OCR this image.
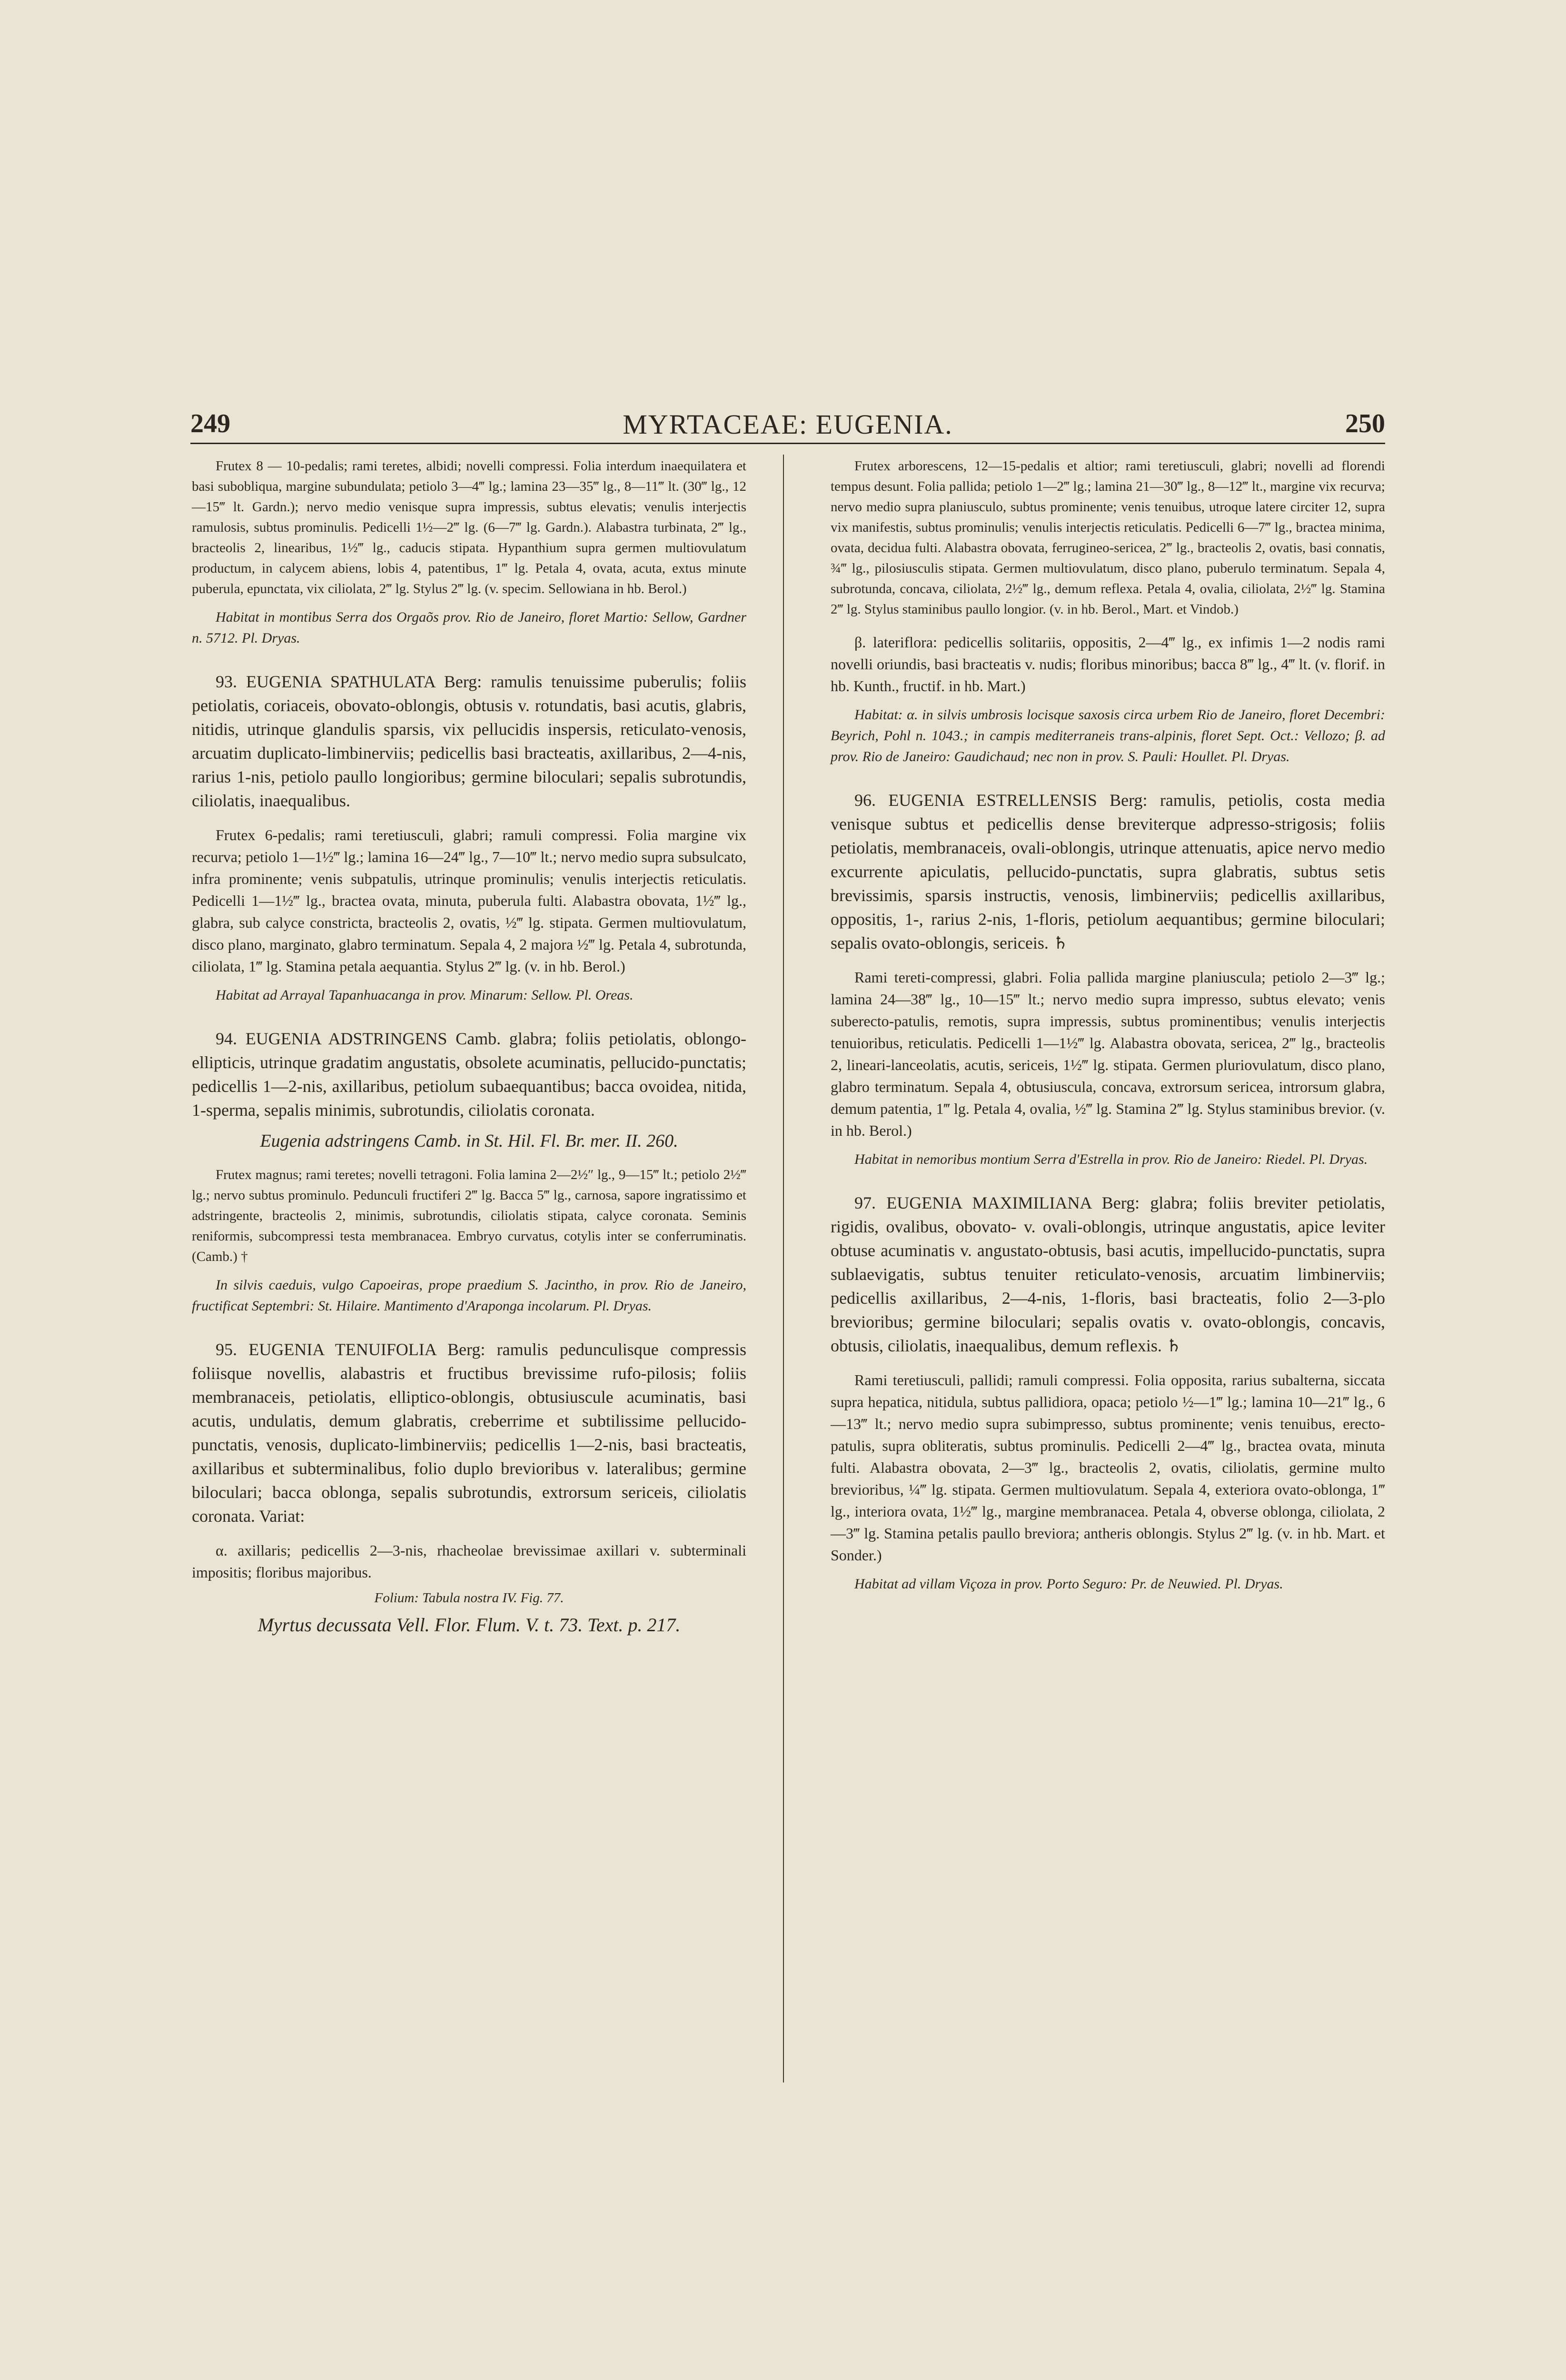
249	MYRTACEAE: EUGENIA.	250

Frutex 8 — 10-pedalis; rami teretes, albidi; novelli compressi. Folia interdum inaequilatera et basi subobliqua, margine subundulata; petiolo 3—4‴ lg.; lamina 23—35‴ lg., 8—11‴ lt. (30‴ lg., 12—15‴ lt. Gardn.); nervo medio venisque supra impressis, subtus elevatis; venulis interjectis ramulosis, subtus prominulis. Pedicelli 1½—2‴ lg. (6—7‴ lg. Gardn.). Alabastra turbinata, 2‴ lg., bracteolis 2, linearibus, 1½‴ lg., caducis stipata. Hypanthium supra germen multiovulatum productum, in calycem abiens, lobis 4, patentibus, 1‴ lg. Petala 4, ovata, acuta, extus minute puberula, epunctata, vix ciliolata, 2‴ lg. Stylus 2‴ lg. (v. specim. Sellowiana in hb. Berol.)

Habitat in montibus Serra dos Orgaõs prov. Rio de Janeiro, floret Martio: Sellow, Gardner n. 5712. Pl. Dryas.

93. EUGENIA SPATHULATA Berg: ramulis tenuissime puberulis; foliis petiolatis, coriaceis, obovato-oblongis, obtusis v. rotundatis, basi acutis, glabris, nitidis, utrinque glandulis sparsis, vix pellucidis inspersis, reticulato-venosis, arcuatim duplicato-limbinerviis; pedicellis basi bracteatis, axillaribus, 2—4-nis, rarius 1-nis, petiolo paullo longioribus; germine biloculari; sepalis subrotundis, ciliolatis, inaequalibus.

Frutex 6-pedalis; rami teretiusculi, glabri; ramuli compressi. Folia margine vix recurva; petiolo 1—1½‴ lg.; lamina 16—24‴ lg., 7—10‴ lt.; nervo medio supra subsulcato, infra prominente; venis subpatulis, utrinque prominulis; venulis interjectis reticulatis. Pedicelli 1—1½‴ lg., bractea ovata, minuta, puberula fulti. Alabastra obovata, 1½‴ lg., glabra, sub calyce constricta, bracteolis 2, ovatis, ½‴ lg. stipata. Germen multiovulatum, disco plano, marginato, glabro terminatum. Sepala 4, 2 majora ½‴ lg. Petala 4, subrotunda, ciliolata, 1‴ lg. Stamina petala aequantia. Stylus 2‴ lg. (v. in hb. Berol.)

Habitat ad Arrayal Tapanhuacanga in prov. Minarum: Sellow. Pl. Oreas.

94. EUGENIA ADSTRINGENS Camb. glabra; foliis petiolatis, oblongo-ellipticis, utrinque gradatim angustatis, obsolete acuminatis, pellucido-punctatis; pedicellis 1—2-nis, axillaribus, petiolum subaequantibus; bacca ovoidea, nitida, 1-sperma, sepalis minimis, subrotundis, ciliolatis coronata.

Eugenia adstringens Camb. in St. Hil. Fl. Br. mer. II. 260.

Frutex magnus; rami teretes; novelli tetragoni. Folia lamina 2—2½″ lg., 9—15‴ lt.; petiolo 2½‴ lg.; nervo subtus prominulo. Pedunculi fructiferi 2‴ lg. Bacca 5‴ lg., carnosa, sapore ingratissimo et adstringente, bracteolis 2, minimis, subrotundis, ciliolatis stipata, calyce coronata. Seminis reniformis, subcompressi testa membranacea. Embryo curvatus, cotylis inter se conferruminatis. (Camb.) †

In silvis caeduis, vulgo Capoeiras, prope praedium S. Jacintho, in prov. Rio de Janeiro, fructificat Septembri: St. Hilaire. Mantimento d'Araponga incolarum. Pl. Dryas.

95. EUGENIA TENUIFOLIA Berg: ramulis pedunculisque compressis foliisque novellis, alabastris et fructibus brevissime rufo-pilosis; foliis membranaceis, petiolatis, elliptico-oblongis, obtusiuscule acuminatis, basi acutis, undulatis, demum glabratis, creberrime et subtilissime pellucido-punctatis, venosis, duplicato-limbinerviis; pedicellis 1—2-nis, basi bracteatis, axillaribus et subterminalibus, folio duplo brevioribus v. lateralibus; germine biloculari; bacca oblonga, sepalis subrotundis, extrorsum sericeis, ciliolatis coronata. Variat:

α. axillaris; pedicellis 2—3-nis, rhacheolae brevissimae axillari v. subterminali impositis; floribus majoribus.

Folium: Tabula nostra IV. Fig. 77.

Myrtus decussata Vell. Flor. Flum. V. t. 73. Text. p. 217.

Frutex arborescens, 12—15-pedalis et altior; rami teretiusculi, glabri; novelli ad florendi tempus desunt. Folia pallida; petiolo 1—2‴ lg.; lamina 21—30‴ lg., 8—12‴ lt., margine vix recurva; nervo medio supra planiusculo, subtus prominente; venis tenuibus, utroque latere circiter 12, supra vix manifestis, subtus prominulis; venulis interjectis reticulatis. Pedicelli 6—7‴ lg., bractea minima, ovata, decidua fulti. Alabastra obovata, ferrugineo-sericea, 2‴ lg., bracteolis 2, ovatis, basi connatis, ¾‴ lg., pilosiusculis stipata. Germen multiovulatum, disco plano, puberulo terminatum. Sepala 4, subrotunda, concava, ciliolata, 2½‴ lg., demum reflexa. Petala 4, ovalia, ciliolata, 2½‴ lg. Stamina 2‴ lg. Stylus staminibus paullo longior. (v. in hb. Berol., Mart. et Vindob.)

β. lateriflora: pedicellis solitariis, oppositis, 2—4‴ lg., ex infimis 1—2 nodis rami novelli oriundis, basi bracteatis v. nudis; floribus minoribus; bacca 8‴ lg., 4‴ lt. (v. florif. in hb. Kunth., fructif. in hb. Mart.)

Habitat: α. in silvis umbrosis locisque saxosis circa urbem Rio de Janeiro, floret Decembri: Beyrich, Pohl n. 1043.; in campis mediterraneis trans-alpinis, floret Sept. Oct.: Vellozo; β. ad prov. Rio de Janeiro: Gaudichaud; nec non in prov. S. Pauli: Houllet. Pl. Dryas.

96. EUGENIA ESTRELLENSIS Berg: ramulis, petiolis, costa media venisque subtus et pedicellis dense breviterque adpresso-strigosis; foliis petiolatis, membranaceis, ovali-oblongis, utrinque attenuatis, apice nervo medio excurrente apiculatis, pellucido-punctatis, supra glabratis, subtus setis brevissimis, sparsis instructis, venosis, limbinerviis; pedicellis axillaribus, oppositis, 1-, rarius 2-nis, 1-floris, petiolum aequantibus; germine biloculari; sepalis ovato-oblongis, sericeis. ♄

Rami tereti-compressi, glabri. Folia pallida margine planiuscula; petiolo 2—3‴ lg.; lamina 24—38‴ lg., 10—15‴ lt.; nervo medio supra impresso, subtus elevato; venis suberecto-patulis, remotis, supra impressis, subtus prominentibus; venulis interjectis tenuioribus, reticulatis. Pedicelli 1—1½‴ lg. Alabastra obovata, sericea, 2‴ lg., bracteolis 2, lineari-lanceolatis, acutis, sericeis, 1½‴ lg. stipata. Germen pluriovulatum, disco plano, glabro terminatum. Sepala 4, obtusiuscula, concava, extrorsum sericea, introrsum glabra, demum patentia, 1‴ lg. Petala 4, ovalia, ½‴ lg. Stamina 2‴ lg. Stylus staminibus brevior. (v. in hb. Berol.)

Habitat in nemoribus montium Serra d'Estrella in prov. Rio de Janeiro: Riedel. Pl. Dryas.

97. EUGENIA MAXIMILIANA Berg: glabra; foliis breviter petiolatis, rigidis, ovalibus, obovato- v. ovali-oblongis, utrinque angustatis, apice leviter obtuse acuminatis v. angustato-obtusis, basi acutis, impellucido-punctatis, supra sublaevigatis, subtus tenuiter reticulato-venosis, arcuatim limbinerviis; pedicellis axillaribus, 2—4-nis, 1-floris, basi bracteatis, folio 2—3-plo brevioribus; germine biloculari; sepalis ovatis v. ovato-oblongis, concavis, obtusis, ciliolatis, inaequalibus, demum reflexis. ♄

Rami teretiusculi, pallidi; ramuli compressi. Folia opposita, rarius subalterna, siccata supra hepatica, nitidula, subtus pallidiora, opaca; petiolo ½—1‴ lg.; lamina 10—21‴ lg., 6—13‴ lt.; nervo medio supra subimpresso, subtus prominente; venis tenuibus, erecto-patulis, supra obliteratis, subtus prominulis. Pedicelli 2—4‴ lg., bractea ovata, minuta fulti. Alabastra obovata, 2—3‴ lg., bracteolis 2, ovatis, ciliolatis, germine multo brevioribus, ¼‴ lg. stipata. Germen multiovulatum. Sepala 4, exteriora ovato-oblonga, 1‴ lg., interiora ovata, 1½‴ lg., margine membranacea. Petala 4, obverse oblonga, ciliolata, 2—3‴ lg. Stamina petalis paullo breviora; antheris oblongis. Stylus 2‴ lg. (v. in hb. Mart. et Sonder.)

Habitat ad villam Viçoza in prov. Porto Seguro: Pr. de Neuwied. Pl. Dryas.
